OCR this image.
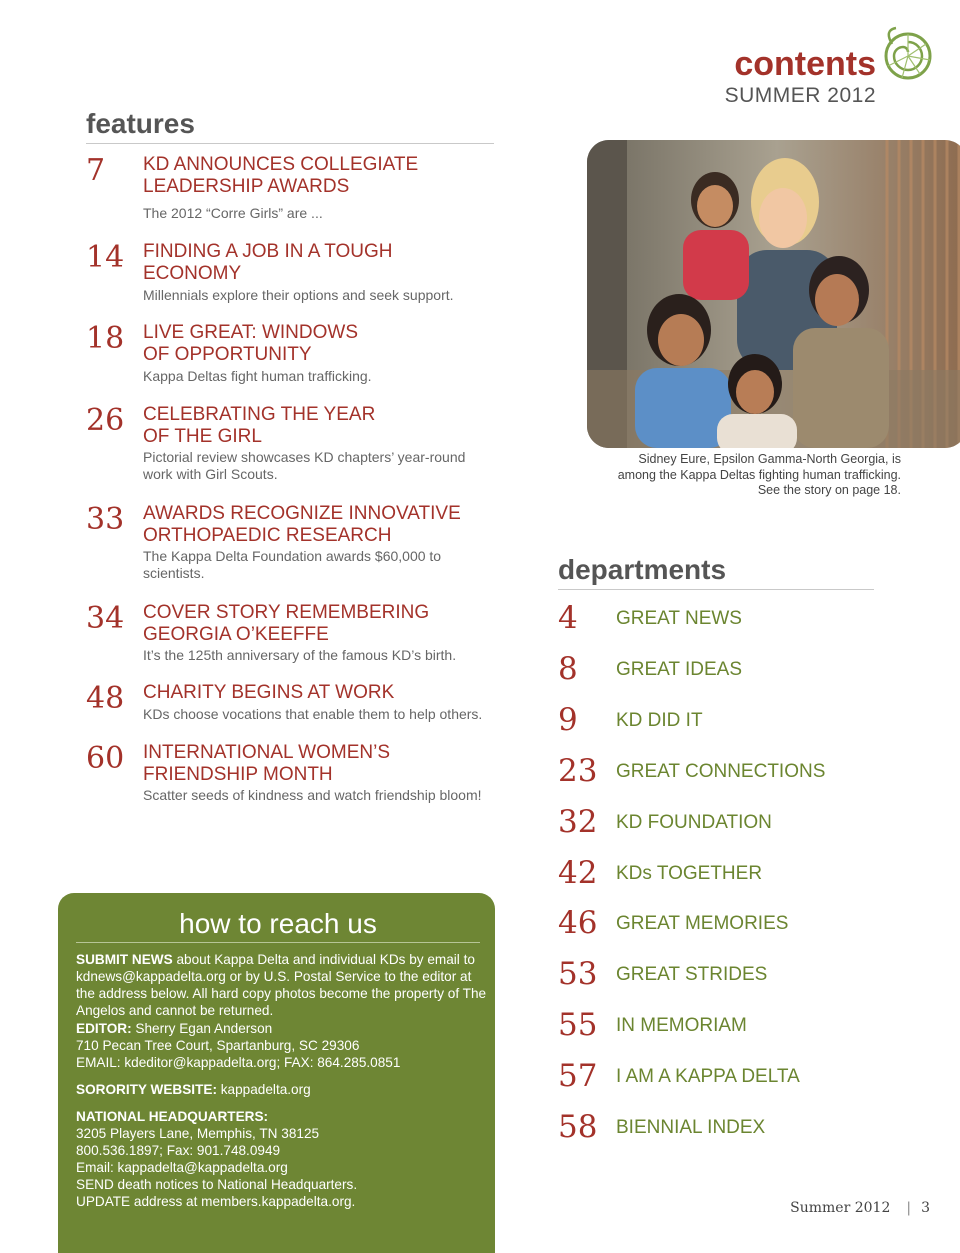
contents
SUMMER 2012
features
7 KD ANNOUNCES COLLEGIATE LEADERSHIP AWARDS
The 2012 “Corre Girls” are ...
14 FINDING A JOB IN A TOUGH ECONOMY
Millennials explore their options and seek support.
18 LIVE GREAT: WINDOWS OF OPPORTUNITY
Kappa Deltas fight human trafficking.
26 CELEBRATING THE YEAR OF THE GIRL
Pictorial review showcases KD chapters’ year-round work with Girl Scouts.
33 AWARDS RECOGNIZE INNOVATIVE ORTHOPAEDIC RESEARCH
The Kappa Delta Foundation awards $60,000 to scientists.
34 COVER STORY REMEMBERING GEORGIA O’KEEFFE
It’s the 125th anniversary of the famous KD’s birth.
48 CHARITY BEGINS AT WORK
KDs choose vocations that enable them to help others.
60 INTERNATIONAL WOMEN’S FRIENDSHIP MONTH
Scatter seeds of kindness and watch friendship bloom!
Sidney Eure, Epsilon Gamma-North Georgia, is among the Kappa Deltas fighting human trafficking. See the story on page 18.
departments
4 GREAT NEWS
8 GREAT IDEAS
9 KD DID IT
23 GREAT CONNECTIONS
32 KD FOUNDATION
42 KDs TOGETHER
46 GREAT MEMORIES
53 GREAT STRIDES
55 IN MEMORIAM
57 I AM A KAPPA DELTA
58 BIENNIAL INDEX
how to reach us
SUBMIT NEWS about Kappa Delta and individual KDs by email to kdnews@kappadelta.org or by U.S. Postal Service to the editor at the address below. All hard copy photos become the property of The Angelos and cannot be returned.
EDITOR: Sherry Egan Anderson
710 Pecan Tree Court, Spartanburg, SC 29306
EMAIL: kdeditor@kappadelta.org; FAX: 864.285.0851
SORORITY WEBSITE: kappadelta.org
NATIONAL HEADQUARTERS:
3205 Players Lane, Memphis, TN 38125
800.536.1897; Fax: 901.748.0949
Email: kappadelta@kappadelta.org
SEND death notices to National Headquarters.
UPDATE address at members.kappadelta.org.	Summer 2012 | 3
